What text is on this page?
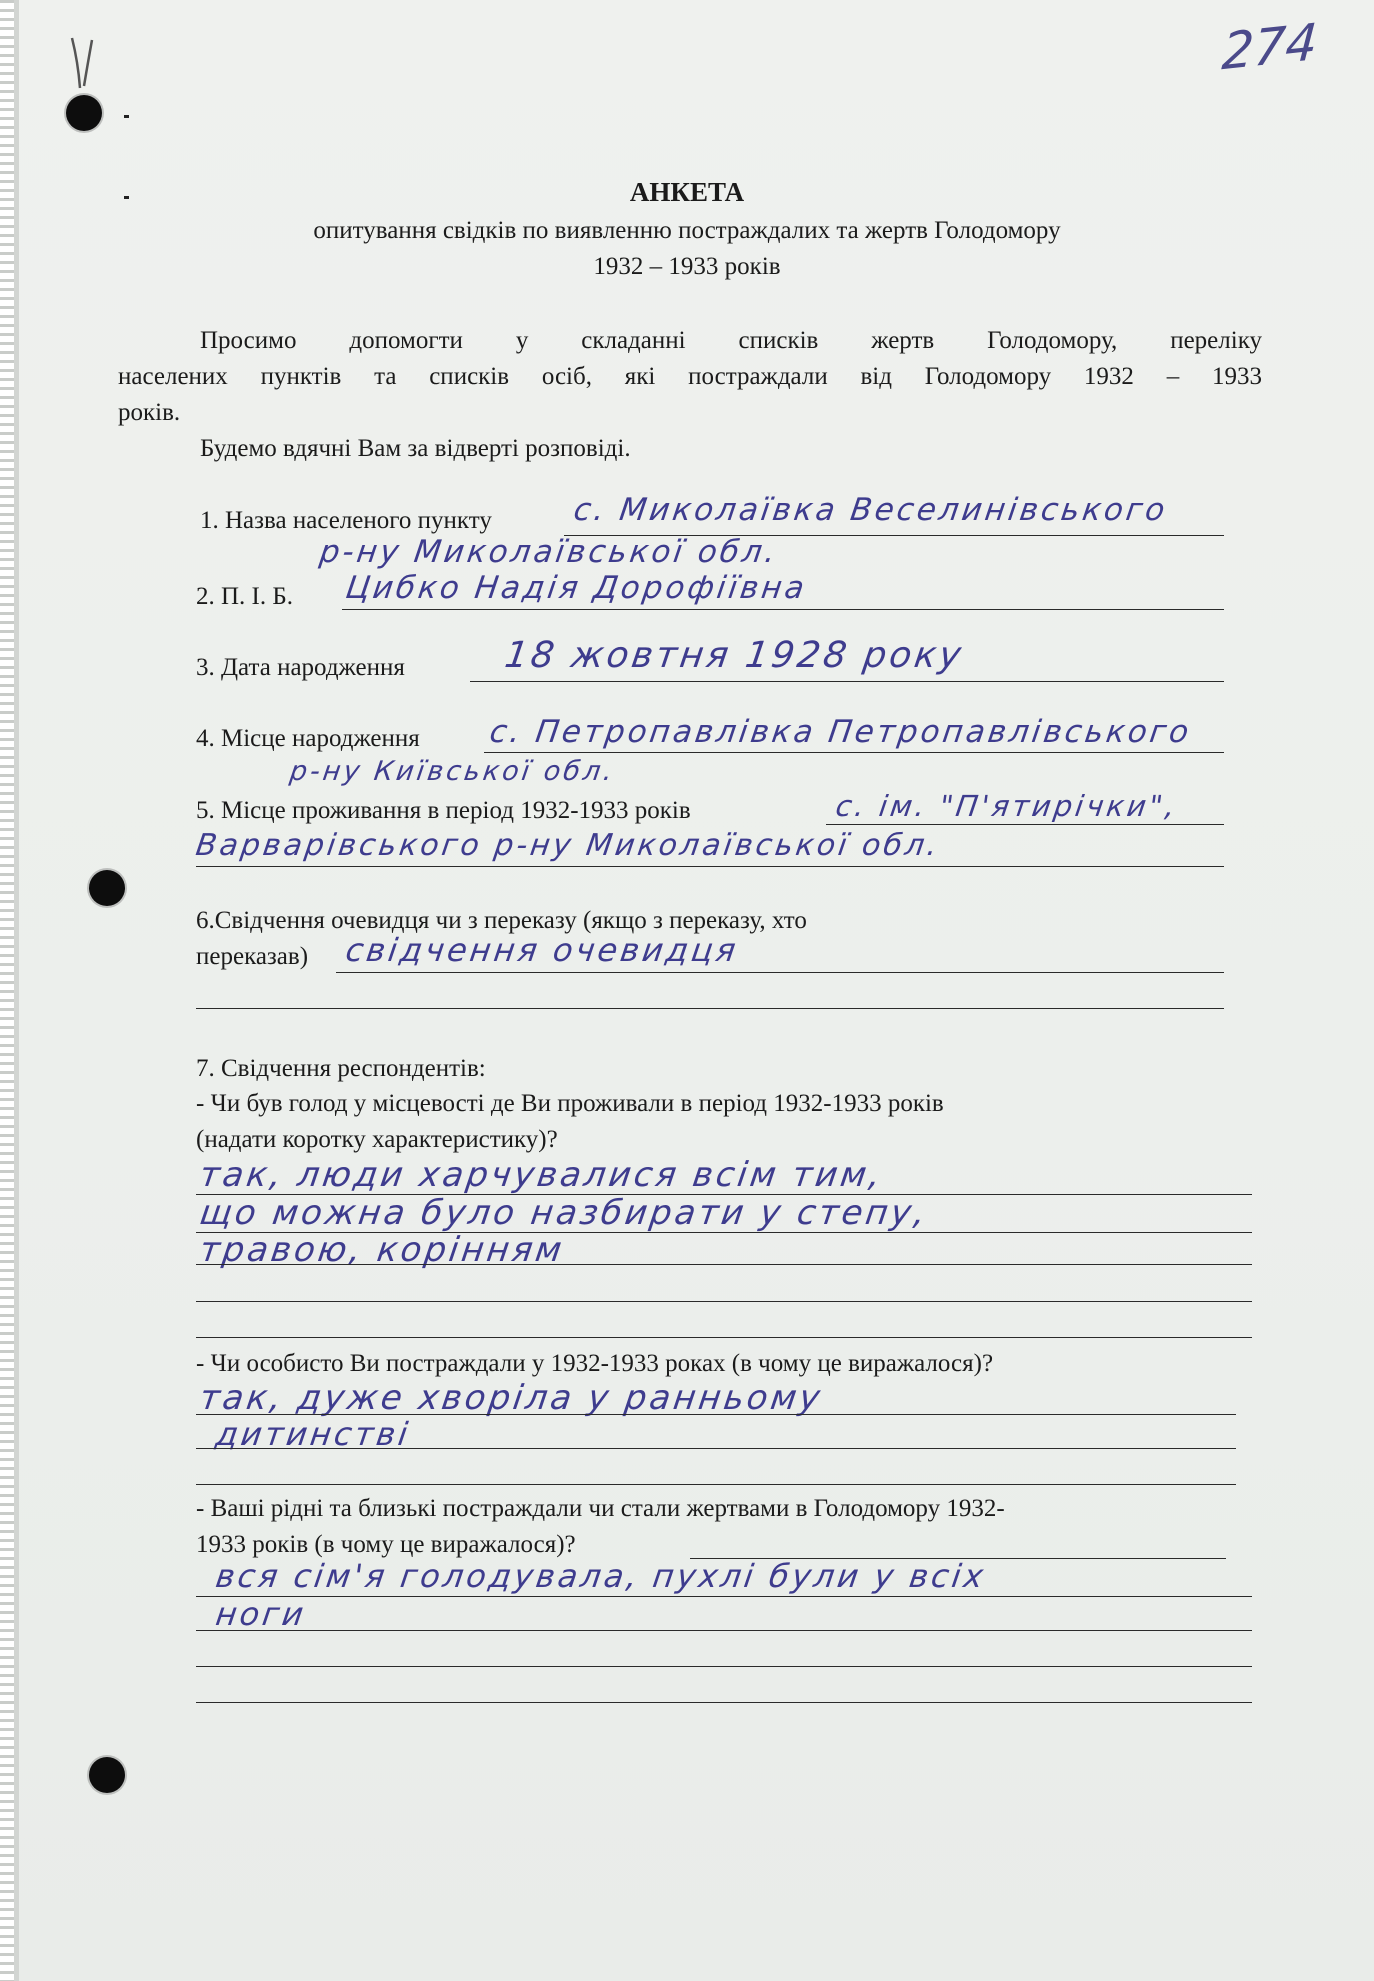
274
АНКЕТА
опитування свідків по виявленню постраждалих та жертв Голодомору
1932 – 1933 років
Просимо допомогти у складанні списків жертв Голодомору, переліку
населених пунктів та списків осіб, які постраждали від Голодомору 1932 – 1933
років.
Будемо вдячні Вам за відверті розповіді.
1. Назва населеного пункту	с. Миколаївка Веселинівського
р-ну Миколаївської обл.
2. П. І. Б. Цибко Надія Дорофіївна
3. Дата народження	18 жовтня 1928 року
4. Місце народження с. Петропавлівка Петропавлівського
р-ну Київської обл.
5. Місце проживання в період 1932-1933 років	с. ім. "П'ятирічки",
Варварівського р-ну Миколаївської обл.
6.Свідчення очевидця чи з переказу (якщо з переказу, хто
переказав) свідчення очевидця
7. Свідчення респондентів:
- Чи був голод у місцевості де Ви проживали в період 1932-1933 років
(надати коротку характеристику)?
так, люди харчувалися всім тим,
що можна було назбирати у степу,
травою, корінням
- Чи особисто Ви постраждали у 1932-1933 роках (в чому це виражалося)?
так, дуже хворіла у ранньому
дитинстві
- Ваші рідні та близькі постраждали чи стали жертвами в Голодомору 1932-
1933 років (в чому це виражалося)?
вся сім'я голодувала, пухлі були у всіх
ноги
